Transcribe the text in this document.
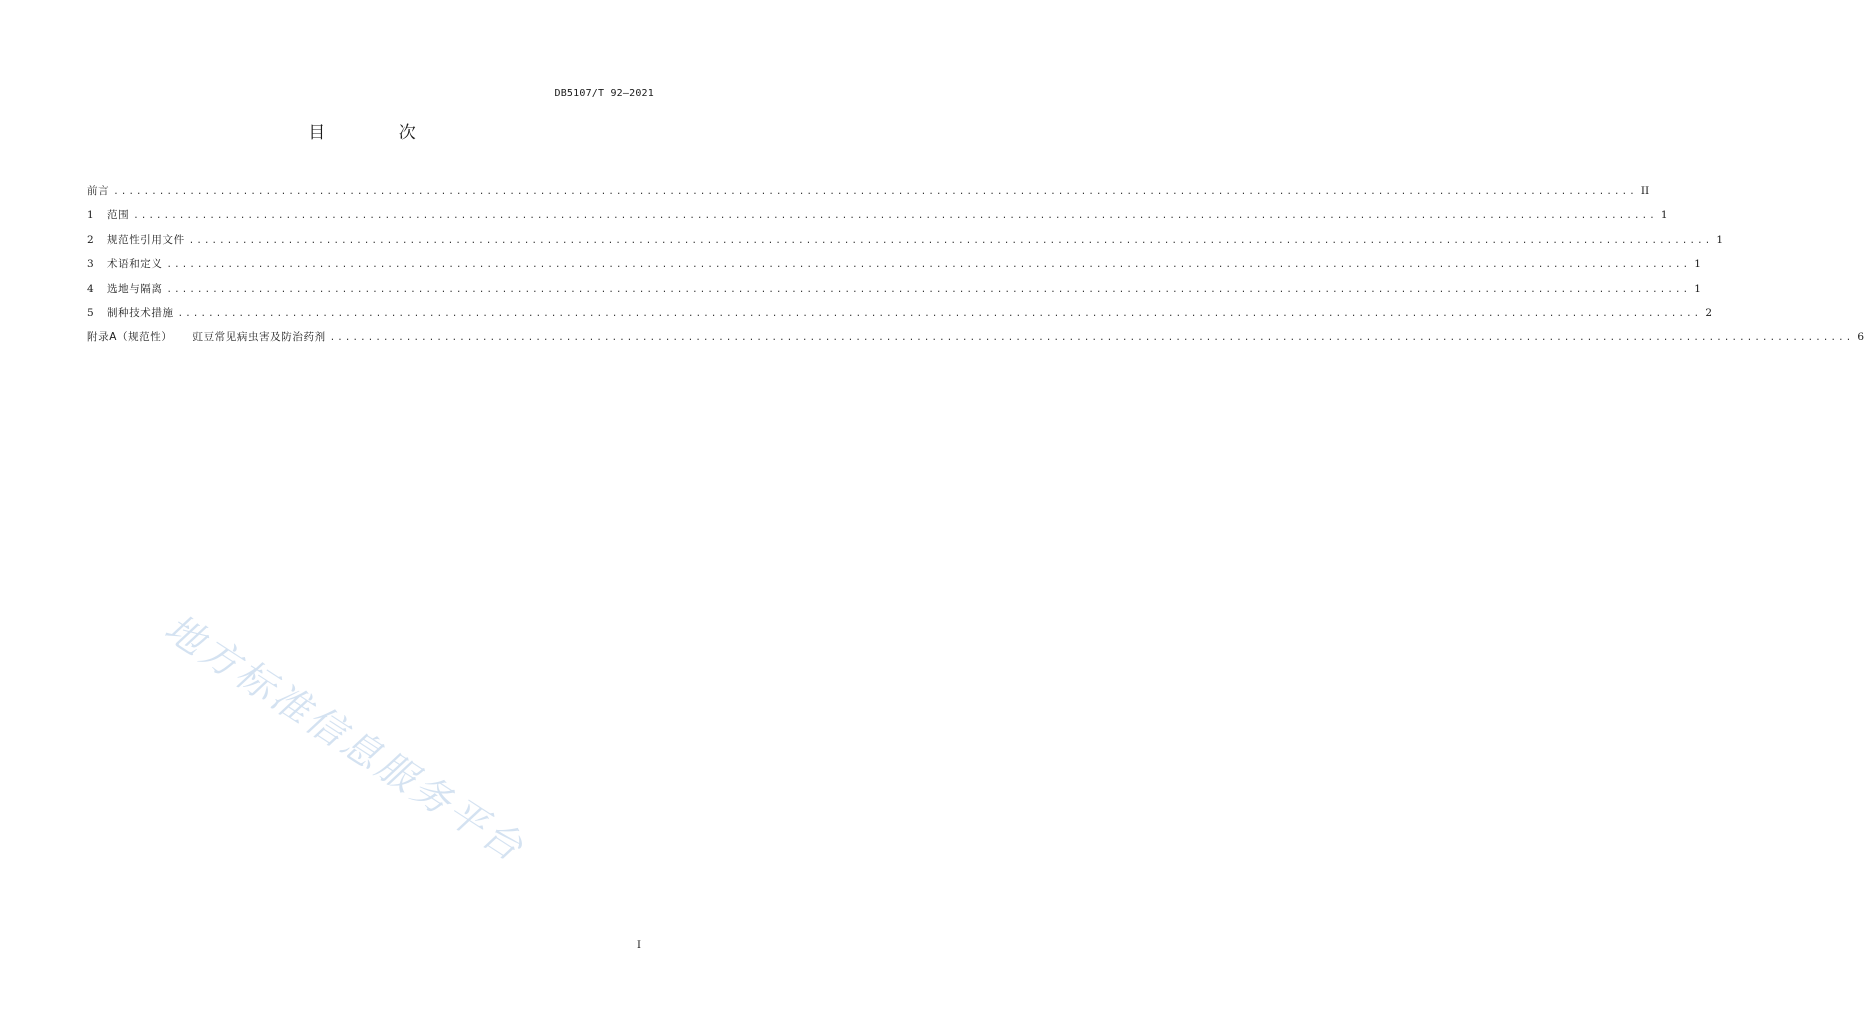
DB5107/T 92—2021
目 次
前言 ........................................................................................................................................................................................................ II
1	范围 ........................................................................................................................................................................................................ 1
2	规范性引用文件 ........................................................................................................................................................................................................ 1
3	术语和定义 ........................................................................................................................................................................................................ 1
4	选地与隔离 ........................................................................................................................................................................................................ 1
5	制种技术措施 ........................................................................................................................................................................................................ 2
附录A（规范性） 豇豆常见病虫害及防治药剂 ........................................................................................................................................................................................................ 6
地方标准信息服务平台
I
